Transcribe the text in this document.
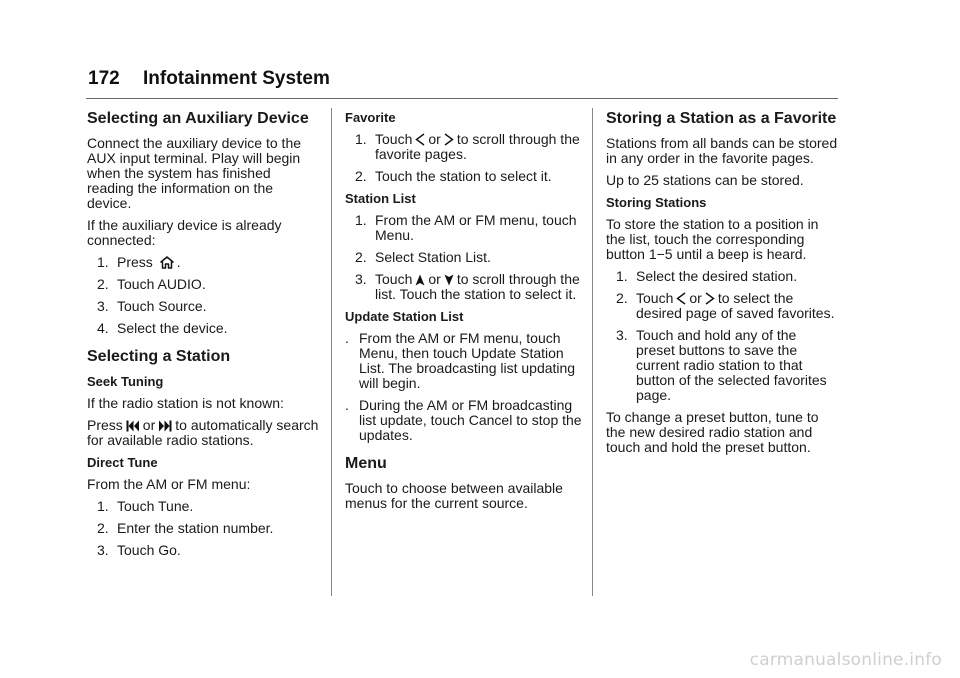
172 Infotainment System
Selecting an Auxiliary Device

Connect the auxiliary device to the AUX input terminal. Play will begin when the system has finished reading the information on the device.

If the auxiliary device is already connected:

1. Press .
2. Touch AUDIO.
3. Touch Source.
4. Select the device.
Selecting a Station
Seek Tuning

If the radio station is not known:

Press or to automatically search for available radio stations.

Direct Tune

From the AM or FM menu:

1. Touch Tune.
2. Enter the station number.
3. Touch Go.
Favorite
1. Touch or to scroll through the favorite pages.
2. Touch the station to select it.
Station List
1. From the AM or FM menu, touch Menu.
2. Select Station List.
3. Touch or to scroll through the list. Touch the station to select it.
Update Station List
. From the AM or FM menu, touch Menu, then touch Update Station List. The broadcasting list updating will begin.
. During the AM or FM broadcasting list update, touch Cancel to stop the updates.
Menu

Touch to choose between available menus for the current source.

Storing a Station as a Favorite

Stations from all bands can be stored in any order in the favorite pages.

Up to 25 stations can be stored.

Storing Stations

To store the station to a position in the list, touch the corresponding button 1−5 until a beep is heard.

1. Select the desired station.
2. Touch or to select the desired page of saved favorites.
3. Touch and hold any of the preset buttons to save the current radio station to that button of the selected favorites page.

To change a preset button, tune to the new desired radio station and touch and hold the preset button.

carmanualsonline.info
